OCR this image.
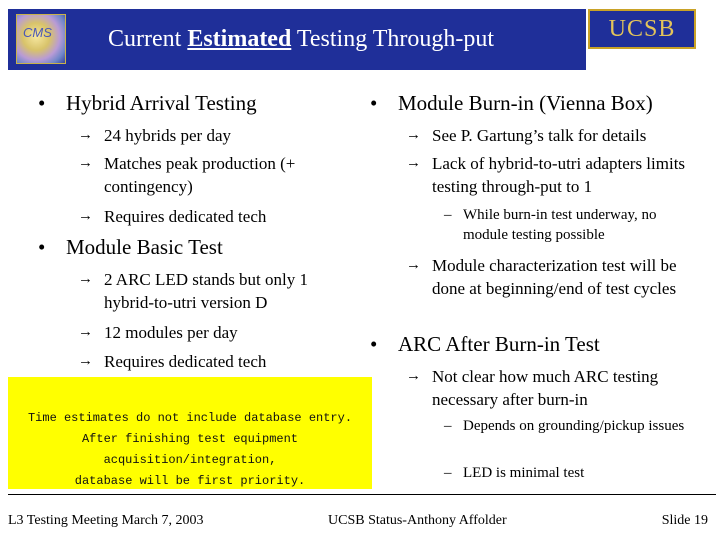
CMS Current Estimated Testing Through-put	UCSB
• Hybrid Arrival Testing
→ 24 hybrids per day
→ Matches peak production (+ contingency)
→ Requires dedicated tech
• Module Basic Test
→ 2 ARC LED stands but only 1 hybrid-to-utri version D
→ 12 modules per day
→ Requires dedicated tech
• Module Burn-in (Vienna Box)
→ See P. Gartung’s talk for details
→ Lack of hybrid-to-utri adapters limits testing through-put to 1
– While burn-in test underway, no module testing possible
→ Module characterization test will be done at beginning/end of test cycles
• ARC After Burn-in Test
→ Not clear how much ARC testing necessary after burn-in
– Depends on grounding/pickup issues
– LED is minimal test
Time estimates do not include database entry.
After finishing test equipment acquisition/integration,
database will be first priority.
L3 Testing Meeting March 7, 2003	UCSB Status-Anthony Affolder	Slide 19
